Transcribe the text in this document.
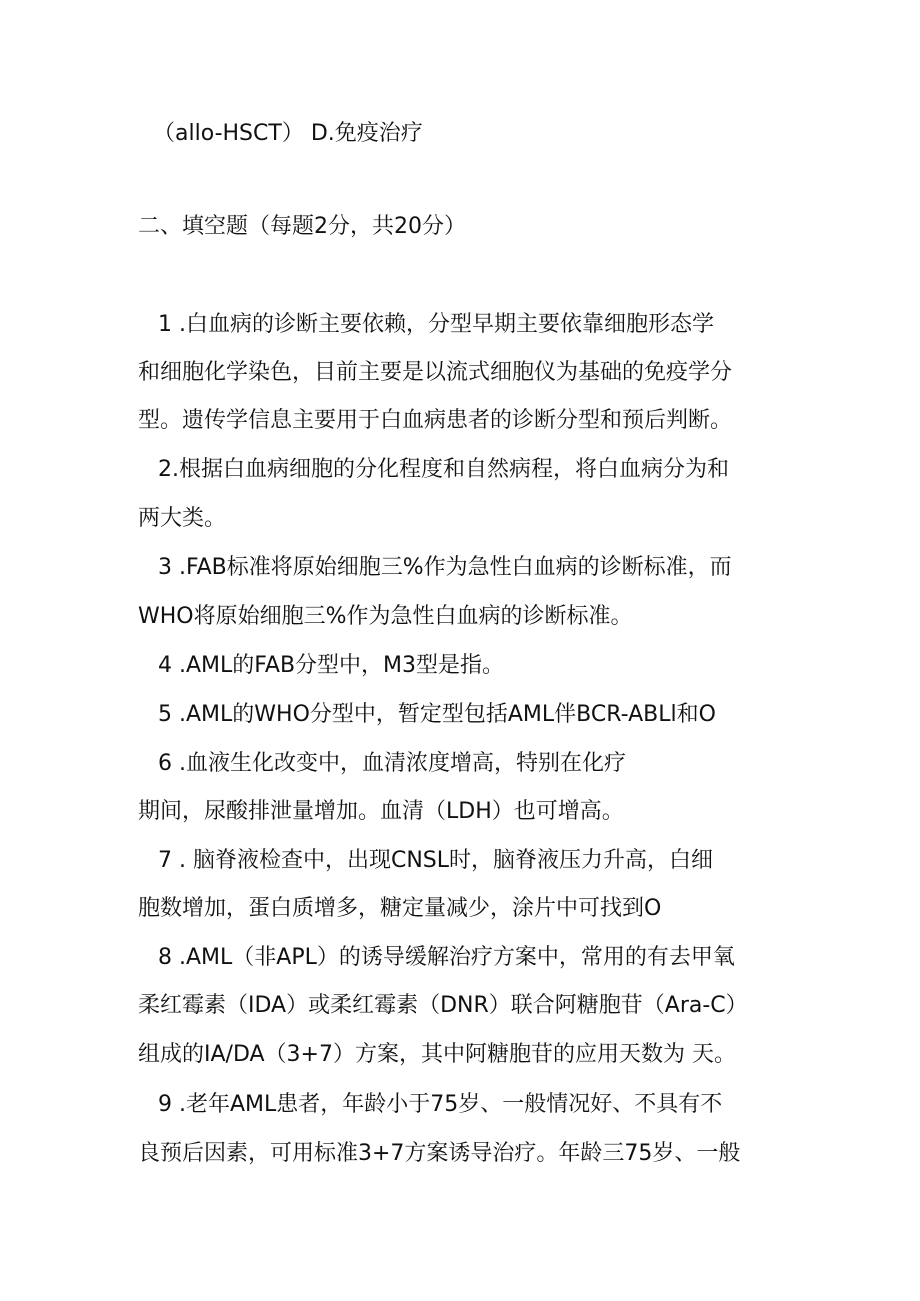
（allo-HSCT） D.免疫治疗
二、填空题（每题2分，共20分）
1 .白血病的诊断主要依赖，分型早期主要依靠细胞形态学
和细胞化学染色，目前主要是以流式细胞仪为基础的免疫学分
型。遗传学信息主要用于白血病患者的诊断分型和预后判断。
2.根据白血病细胞的分化程度和自然病程，将白血病分为和
两大类。
3 .FAB标准将原始细胞三%作为急性白血病的诊断标准，而
WHO将原始细胞三%作为急性白血病的诊断标准。
4 .AML的FAB分型中，M3型是指。
5 .AML的WHO分型中，暂定型包括AML伴BCR-ABLl和O
6 .血液生化改变中，血清浓度增高，特别在化疗
期间，尿酸排泄量增加。血清（LDH）也可增高。
7 . 脑脊液检查中，出现CNSL时，脑脊液压力升高，白细
胞数增加，蛋白质增多，糖定量减少，涂片中可找到O
8 .AML（非APL）的诱导缓解治疗方案中，常用的有去甲氧
柔红霉素（IDA）或柔红霉素（DNR）联合阿糖胞苷（Ara-C）
组成的IA/DA（3+7）方案，其中阿糖胞苷的应用天数为 天。
9 .老年AML患者，年龄小于75岁、一般情况好、不具有不
良预后因素，可用标准3+7方案诱导治疗。年龄三75岁、一般
